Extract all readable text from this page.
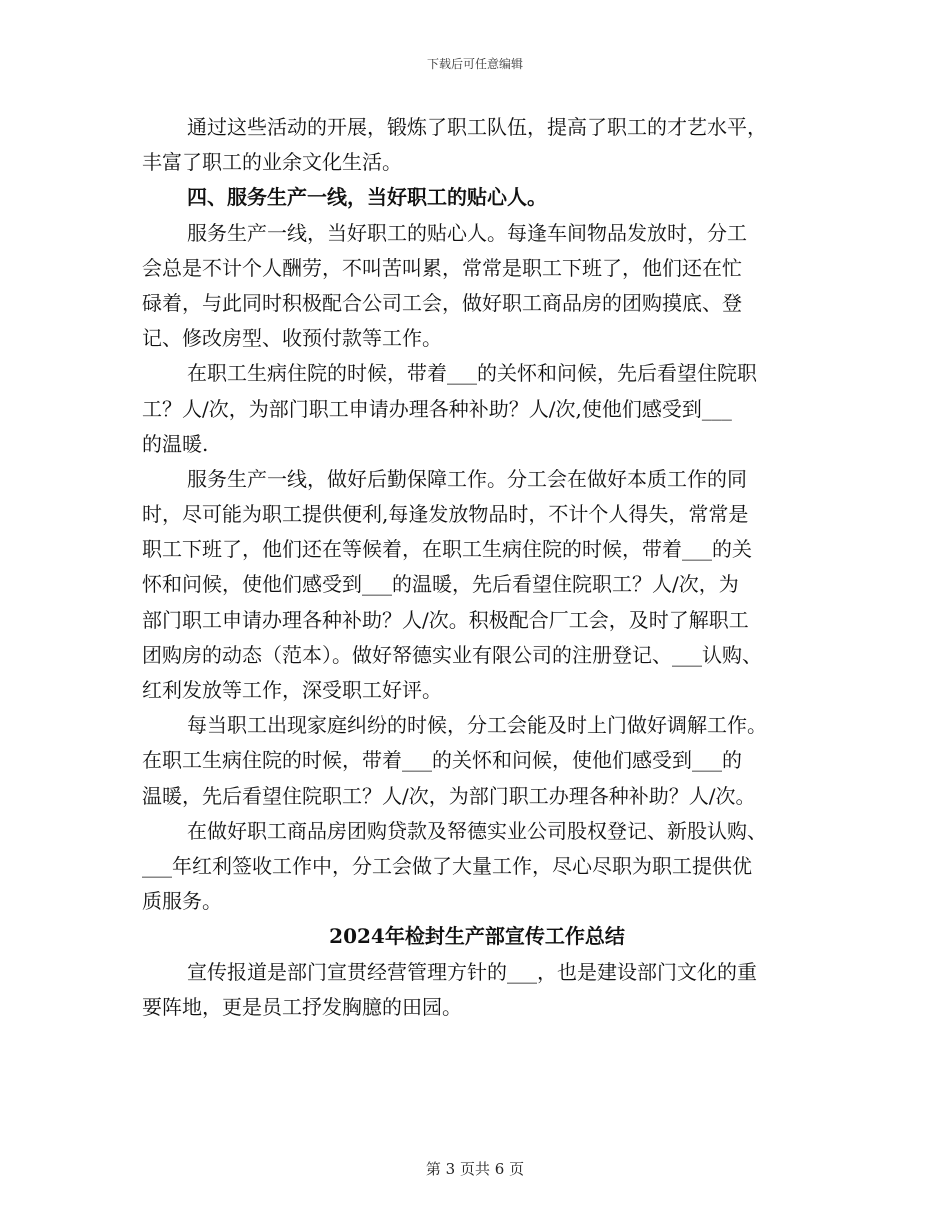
下载后可任意编辑
通过这些活动的开展，锻炼了职工队伍，提高了职工的才艺水平，
丰富了职工的业余文化生活。
四、服务生产一线，当好职工的贴心人。
服务生产一线，当好职工的贴心人。每逢车间物品发放时，分工
会总是不计个人酬劳，不叫苦叫累，常常是职工下班了，他们还在忙
碌着，与此同时积极配合公司工会，做好职工商品房的团购摸底、登
记、修改房型、收预付款等工作。
在职工生病住院的时候，带着___的关怀和问候，先后看望住院职
工？人/次，为部门职工申请办理各种补助？人/次,使他们感受到___
的温暖.
服务生产一线，做好后勤保障工作。分工会在做好本质工作的同
时，尽可能为职工提供便利,每逢发放物品时，不计个人得失，常常是
职工下班了，他们还在等候着，在职工生病住院的时候，带着___的关
怀和问候，使他们感受到___的温暖，先后看望住院职工？人/次，为
部门职工申请办理各种补助？人/次。积极配合厂工会，及时了解职工
团购房的动态（范本）。做好帑德实业有限公司的注册登记、___认购、
红利发放等工作，深受职工好评。
每当职工出现家庭纠纷的时候，分工会能及时上门做好调解工作。
在职工生病住院的时候，带着___的关怀和问候，使他们感受到___的
温暖，先后看望住院职工？人/次，为部门职工办理各种补助？人/次。
在做好职工商品房团购贷款及帑德实业公司股权登记、新股认购、
___年红利签收工作中，分工会做了大量工作，尽心尽职为职工提供优
质服务。
2024年检封生产部宣传工作总结
宣传报道是部门宣贯经营管理方针的___，也是建设部门文化的重
要阵地，更是员工抒发胸臆的田园。
第 3 页共 6 页
